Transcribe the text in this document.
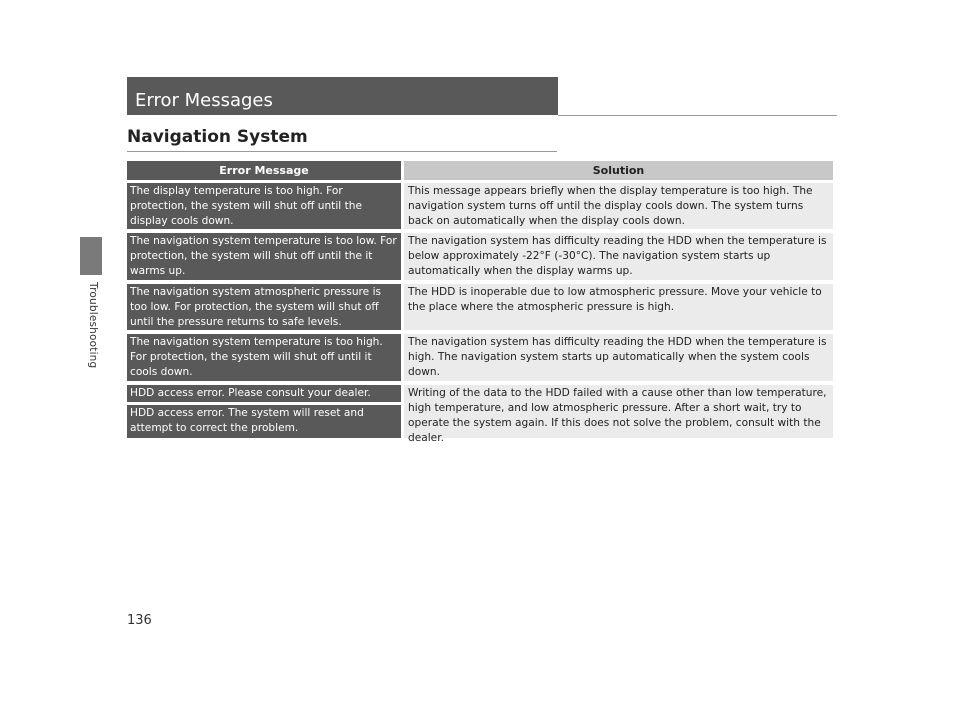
Troubleshooting
Error Messages
Navigation System
Error Message	Solution
The display temperature is too high. For protection, the system will shut off until the display cools down.
This message appears briefly when the display temperature is too high. The navigation system turns off until the display cools down. The system turns back on automatically when the display cools down.
The navigation system temperature is too low. For protection, the system will shut off until the it warms up.
The navigation system has difficulty reading the HDD when the temperature is below approximately -22°F (-30°C). The navigation system starts up automatically when the display warms up.
The navigation system atmospheric pressure is too low. For protection, the system will shut off until the pressure returns to safe levels.
The HDD is inoperable due to low atmospheric pressure. Move your vehicle to the place where the atmospheric pressure is high.
The navigation system temperature is too high. For protection, the system will shut off until it cools down.
The navigation system has difficulty reading the HDD when the temperature is high. The navigation system starts up automatically when the system cools down.
HDD access error. Please consult your dealer.
HDD access error. The system will reset and attempt to correct the problem.
Writing of the data to the HDD failed with a cause other than low temperature, high temperature, and low atmospheric pressure. After a short wait, try to operate the system again. If this does not solve the problem, consult with the dealer.
136
